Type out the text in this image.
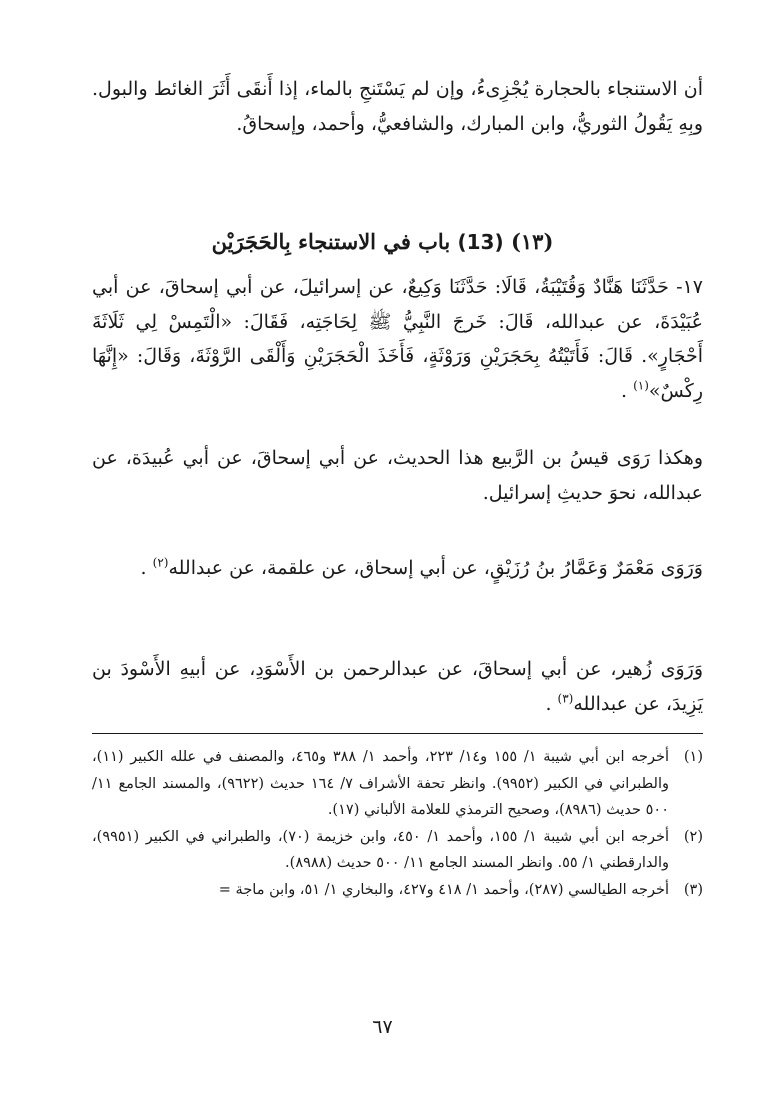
أن الاستنجاء بالحجارة يُجْزِىءُ، وإن لم يَسْتَنجِ بالماء، إذا أَنقَى أَثَرَ الغائط والبول. وبِهِ يَقُولُ الثوريُّ، وابن المبارك، والشافعيُّ، وأحمد، وإسحاقُ.

(١٣) (13) باب في الاستنجاء بِالحَجَرَيْن

١٧- حَدَّثَنَا هَنَّادٌ وَقُتَيْبَةُ، قَالَا: حَدَّثَنَا وَكِيعٌ، عن إسرائيلَ، عن أبي إسحاقَ، عن أبي عُبَيْدَةَ، عن عبدالله، قَالَ: خَرجَ النَّبِيُّ ﷺ لِحَاجَتِه، فَقَالَ: «الْتَمِسْ لِي ثَلَاثَةَ أَحْجَارٍ». قَالَ: فَأَتَيْتُهُ بِحَجَرَيْنِ وَرَوْثَةٍ، فَأَخَذَ الْحَجَرَيْنِ وَأَلْقَى الرَّوْثَةَ، وَقَالَ: «إِنَّهَا رِكْسٌ»$^{(١)}$ .

وهكذا رَوَى قيسُ بن الرَّبيع هذا الحديث، عن أبي إسحاقَ، عن أبي عُبيدَة، عن عبدالله، نحوَ حديثِ إسرائيل.

وَرَوَى مَعْمَرٌ وَعَمَّارُ بنُ رُزَيْقٍ، عن أبي إسحاق، عن علقمة، عن عبدالله$^{(٢)}$ .

وَرَوَى زُهير، عن أبي إسحاقَ، عن عبدالرحمن بن الأَسْوَدِ، عن أبيهِ الأَسْودَ بن يَزِيدَ، عن عبدالله$^{(٣)}$ .

(١)
أخرجه ابن أبي شيبة ١/ ١٥٥ و١٤/ ٢٢٣، وأحمد ١/ ٣٨٨ و٤٦٥، والمصنف في علله الكبير (١١)، والطبراني في الكبير (٩٩٥٢). وانظر تحفة الأشراف ٧/ ١٦٤ حديث (٩٦٢٢)، والمسند الجامع ١١/ ٥٠٠ حديث (٨٩٨٦)، وصحيح الترمذي للعلامة الألباني (١٧).
(٢)
أخرجه ابن أبي شيبة ١/ ١٥٥، وأحمد ١/ ٤٥٠، وابن خزيمة (٧٠)، والطبراني في الكبير (٩٩٥١)، والدارقطني ١/ ٥٥. وانظر المسند الجامع ١١/ ٥٠٠ حديث (٨٩٨٨).
(٣)
أخرجه الطيالسي (٢٨٧)، وأحمد ١/ ٤١٨ و٤٢٧، والبخاري ١/ ٥١، وابن ماجة =
٦٧
